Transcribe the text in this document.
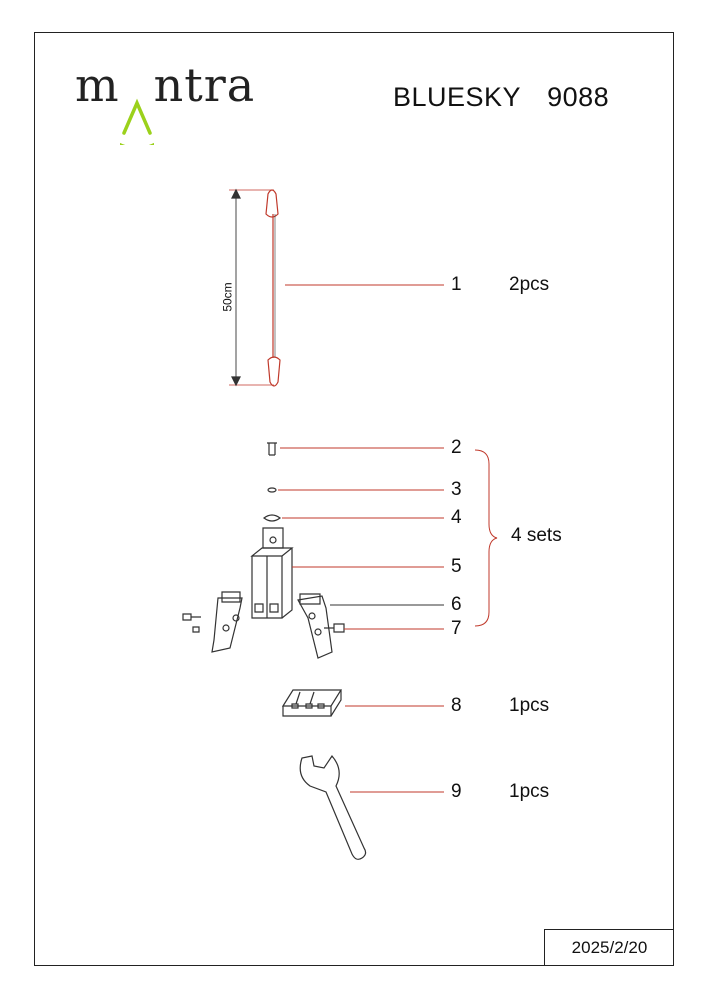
m ntra	BLUESKY 9088
50cm	1
2
3
4
5
6
7
8
9
2pcs
4 sets
1pcs
1pcs
2025/2/20
